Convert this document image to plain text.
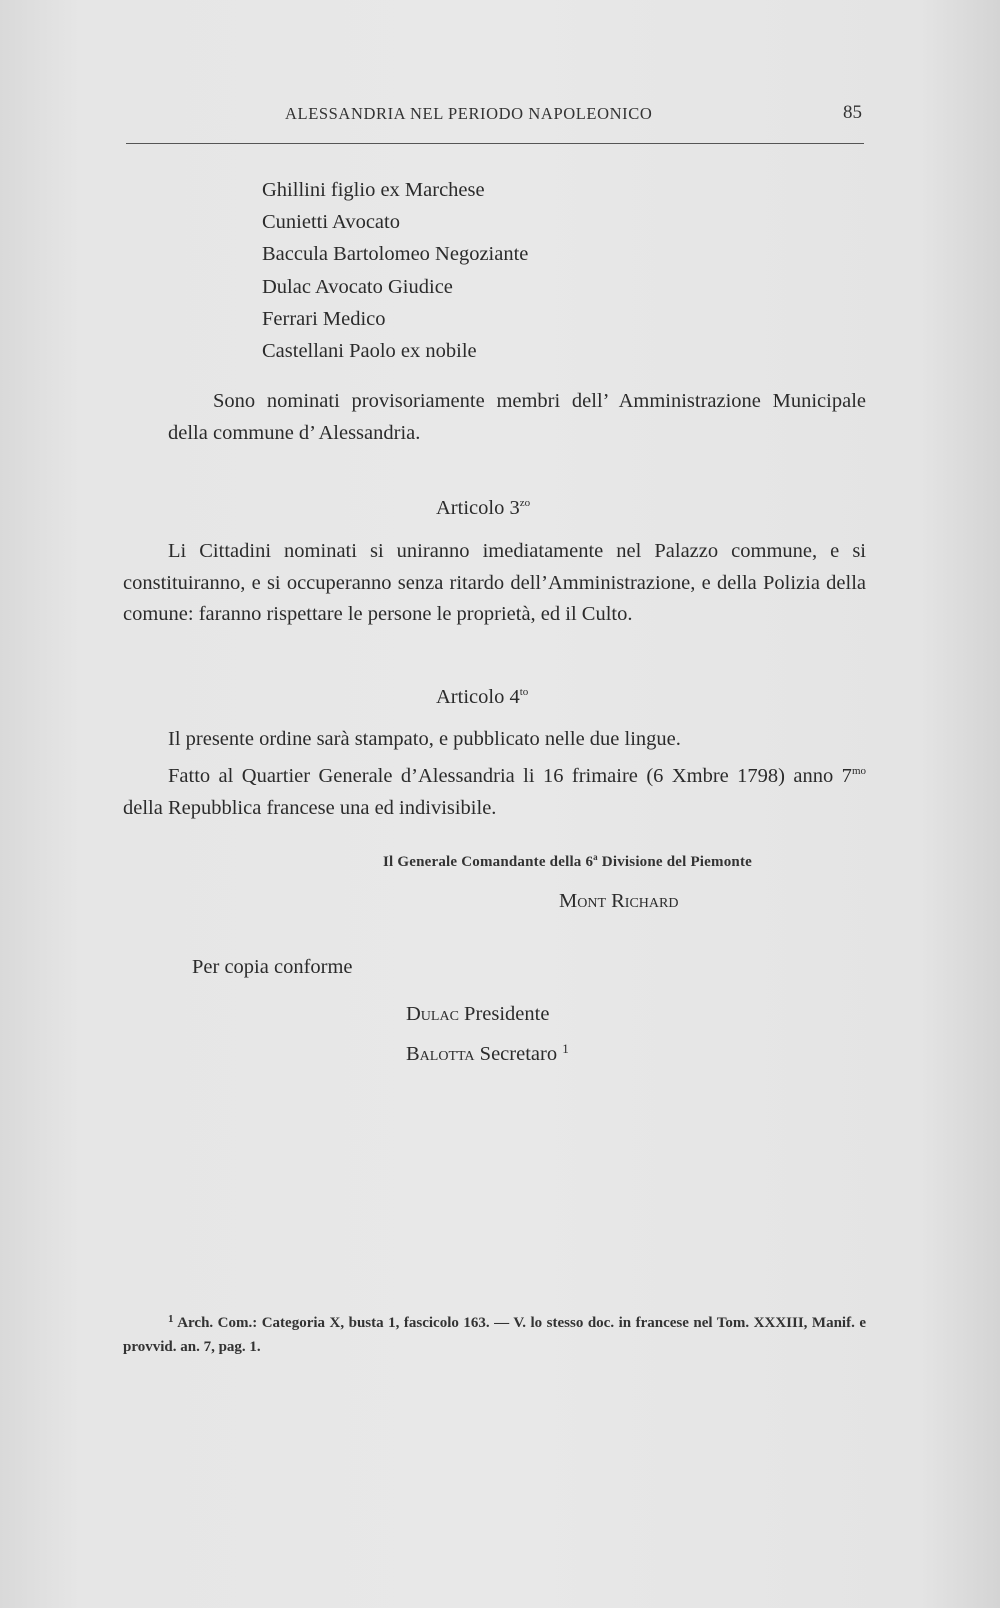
ALESSANDRIA NEL PERIODO NAPOLEONICO	85
Ghillini figlio ex Marchese
Cunietti Avocato
Baccula Bartolomeo Negoziante
Dulac Avocato Giudice
Ferrari Medico
Castellani Paolo ex nobile
Sono nominati provisoriamente membri dell’ Amministrazione Municipale della commune d’ Alessandria.
Articolo $3^{zo}$
Li Cittadini nominati si uniranno imediatamente nel Palazzo commune, e si constituiranno, e si occuperanno senza ritardo dell’Amministrazione, e della Polizia della comune: faranno rispettare le persone le proprietà, ed il Culto.
Articolo $4^{to}$
Il presente ordine sarà stampato, e pubblicato nelle due lingue.
Fatto al Quartier Generale d’Alessandria li 16 frimaire (6 Xmbre 1798) anno $7^{mo}$ della Repubblica francese una ed indivisibile.
Il Generale Comandante della 6$^a$ Divisione del Piemonte
Mont Richard
Per copia conforme
Dulac Presidente
Balotta Secretaro $^1$
$^1$ Arch. Com.: Categoria X, busta 1, fascicolo 163. — V. lo stesso doc. in francese nel Tom. XXXIII, Manif. e provvid. an. 7, pag. 1.
